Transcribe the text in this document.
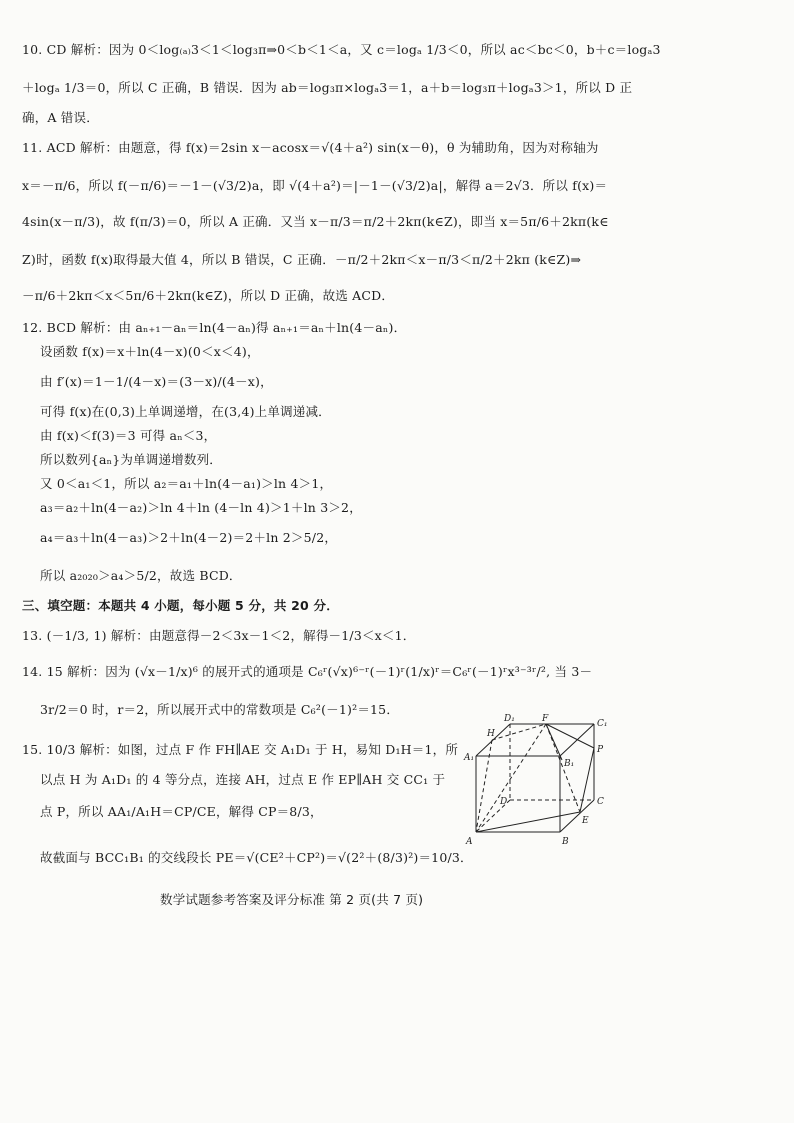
10. CD 解析：因为 0＜log₍ₐ₎3＜1＜log₃π⇒0＜b＜1＜a，又 c＝logₐ 1/3＜0，所以 ac＜bc＜0，b＋c＝logₐ3
＋logₐ 1/3＝0，所以 C 正确，B 错误．因为 ab＝log₃π×logₐ3＝1，a＋b＝log₃π＋logₐ3＞1，所以 D 正
确，A 错误．
11. ACD 解析：由题意，得 f(x)＝2sin x－acosx＝√(4＋a²) sin(x－θ)，θ 为辅助角，因为对称轴为
x＝－π/6，所以 f(－π/6)＝－1－(√3/2)a，即 √(4＋a²)＝|－1－(√3/2)a|，解得 a＝2√3．所以 f(x)＝
4sin(x－π/3)，故 f(π/3)＝0，所以 A 正确．又当 x－π/3＝π/2＋2kπ(k∈Z)，即当 x＝5π/6＋2kπ(k∈
Z)时，函数 f(x)取得最大值 4，所以 B 错误，C 正确．－π/2＋2kπ＜x－π/3＜π/2＋2kπ (k∈Z)⇒
－π/6＋2kπ＜x＜5π/6＋2kπ(k∈Z)，所以 D 正确，故选 ACD．
12. BCD 解析：由 aₙ₊₁－aₙ＝ln(4－aₙ)得 aₙ₊₁＝aₙ＋ln(4－aₙ)．
设函数 f(x)＝x＋ln(4－x)(0＜x＜4)，
由 f′(x)＝1－1/(4－x)＝(3－x)/(4－x)，
可得 f(x)在(0,3)上单调递增，在(3,4)上单调递减．
由 f(x)＜f(3)＝3 可得 aₙ＜3，
所以数列{aₙ}为单调递增数列．
又 0＜a₁＜1，所以 a₂＝a₁＋ln(4－a₁)＞ln 4＞1，
a₃＝a₂＋ln(4－a₂)＞ln 4＋ln (4－ln 4)＞1＋ln 3＞2，
a₄＝a₃＋ln(4－a₃)＞2＋ln(4－2)＝2＋ln 2＞5/2，
所以 a₂₀₂₀＞a₄＞5/2，故选 BCD．
三、填空题：本题共 4 小题，每小题 5 分，共 20 分．
13. (－1/3, 1) 解析：由题意得－2＜3x－1＜2，解得－1/3＜x＜1．
14. 15 解析：因为 (√x－1/x)⁶ 的展开式的通项是 C₆ʳ(√x)⁶⁻ʳ(－1)ʳ(1/x)ʳ＝C₆ʳ(－1)ʳx³⁻³ʳ/², 当 3－
3r/2＝0 时，r＝2，所以展开式中的常数项是 C₆²(－1)²＝15．
15. 10/3 解析：如图，过点 F 作 FH∥AE 交 A₁D₁ 于 H，易知 D₁H＝1，所
以点 H 为 A₁D₁ 的 4 等分点，连接 AH，过点 E 作 EP∥AH 交 CC₁ 于
点 P，所以 AA₁/A₁H＝CP/CE，解得 CP＝8/3，
故截面与 BCC₁B₁ 的交线段长 PE＝√(CE²＋CP²)＝√(2²＋(8/3)²)＝10/3．
D₁	F	C₁
H
A₁
B₁
P
D	C
E
A	B
数学试题参考答案及评分标准 第 2 页(共 7 页)
